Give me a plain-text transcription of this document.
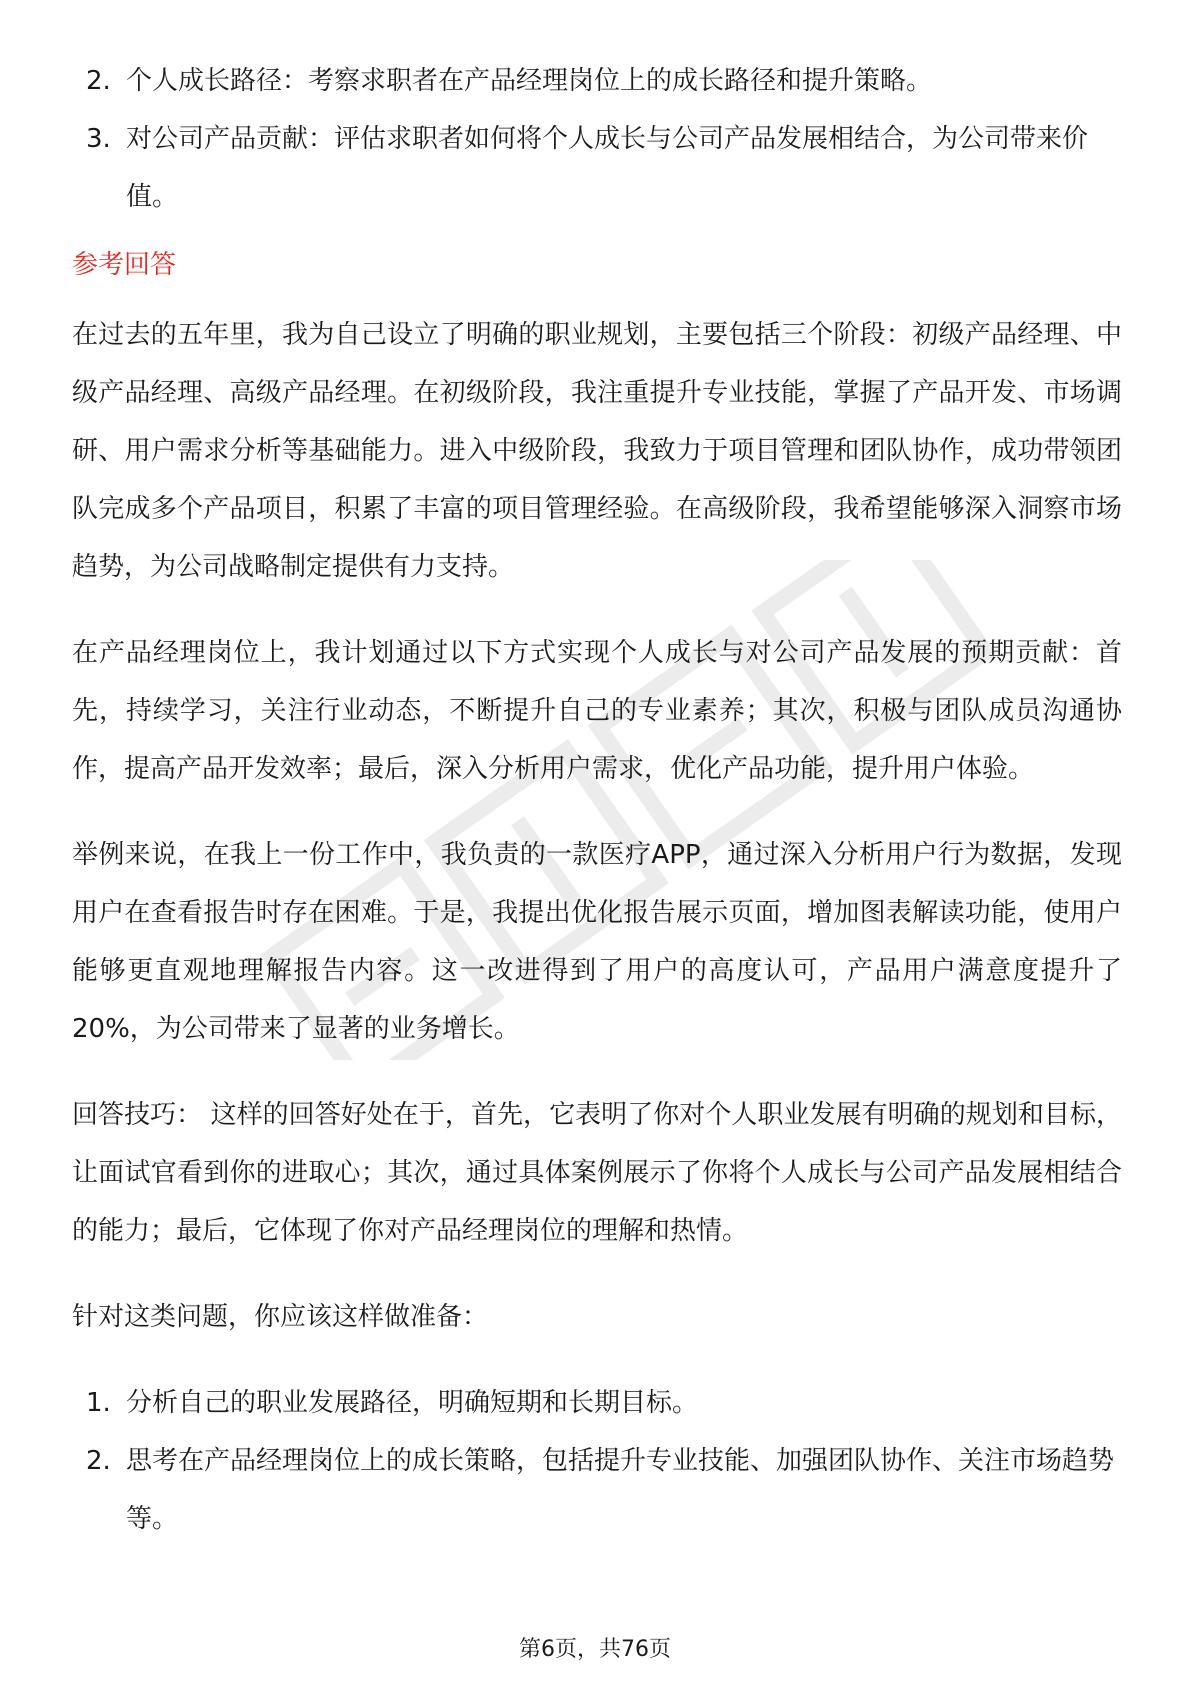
2. 个人成长路径：考察求职者在产品经理岗位上的成长路径和提升策略。
3. 对公司产品贡献：评估求职者如何将个人成长与公司产品发展相结合，为公司带来价值。
参考回答

在过去的五年里，我为自己设立了明确的职业规划，主要包括三个阶段：初级产品经理、中级产品经理、高级产品经理。在初级阶段，我注重提升专业技能，掌握了产品开发、市场调研、用户需求分析等基础能力。进入中级阶段，我致力于项目管理和团队协作，成功带领团队完成多个产品项目，积累了丰富的项目管理经验。在高级阶段，我希望能够深入洞察市场趋势，为公司战略制定提供有力支持。

在产品经理岗位上，我计划通过以下方式实现个人成长与对公司产品发展的预期贡献：首先，持续学习，关注行业动态，不断提升自己的专业素养；其次，积极与团队成员沟通协作，提高产品开发效率；最后，深入分析用户需求，优化产品功能，提升用户体验。

举例来说，在我上一份工作中，我负责的一款医疗APP，通过深入分析用户行为数据，发现用户在查看报告时存在困难。于是，我提出优化报告展示页面，增加图表解读功能，使用户能够更直观地理解报告内容。这一改进得到了用户的高度认可，产品用户满意度提升了20%，为公司带来了显著的业务增长。

回答技巧： 这样的回答好处在于，首先，它表明了你对个人职业发展有明确的规划和目标，让面试官看到你的进取心；其次，通过具体案例展示了你将个人成长与公司产品发展相结合的能力；最后，它体现了你对产品经理岗位的理解和热情。

针对这类问题，你应该这样做准备：

1. 分析自己的职业发展路径，明确短期和长期目标。
2. 思考在产品经理岗位上的成长策略，包括提升专业技能、加强团队协作、关注市场趋势等。
第6页，共76页
